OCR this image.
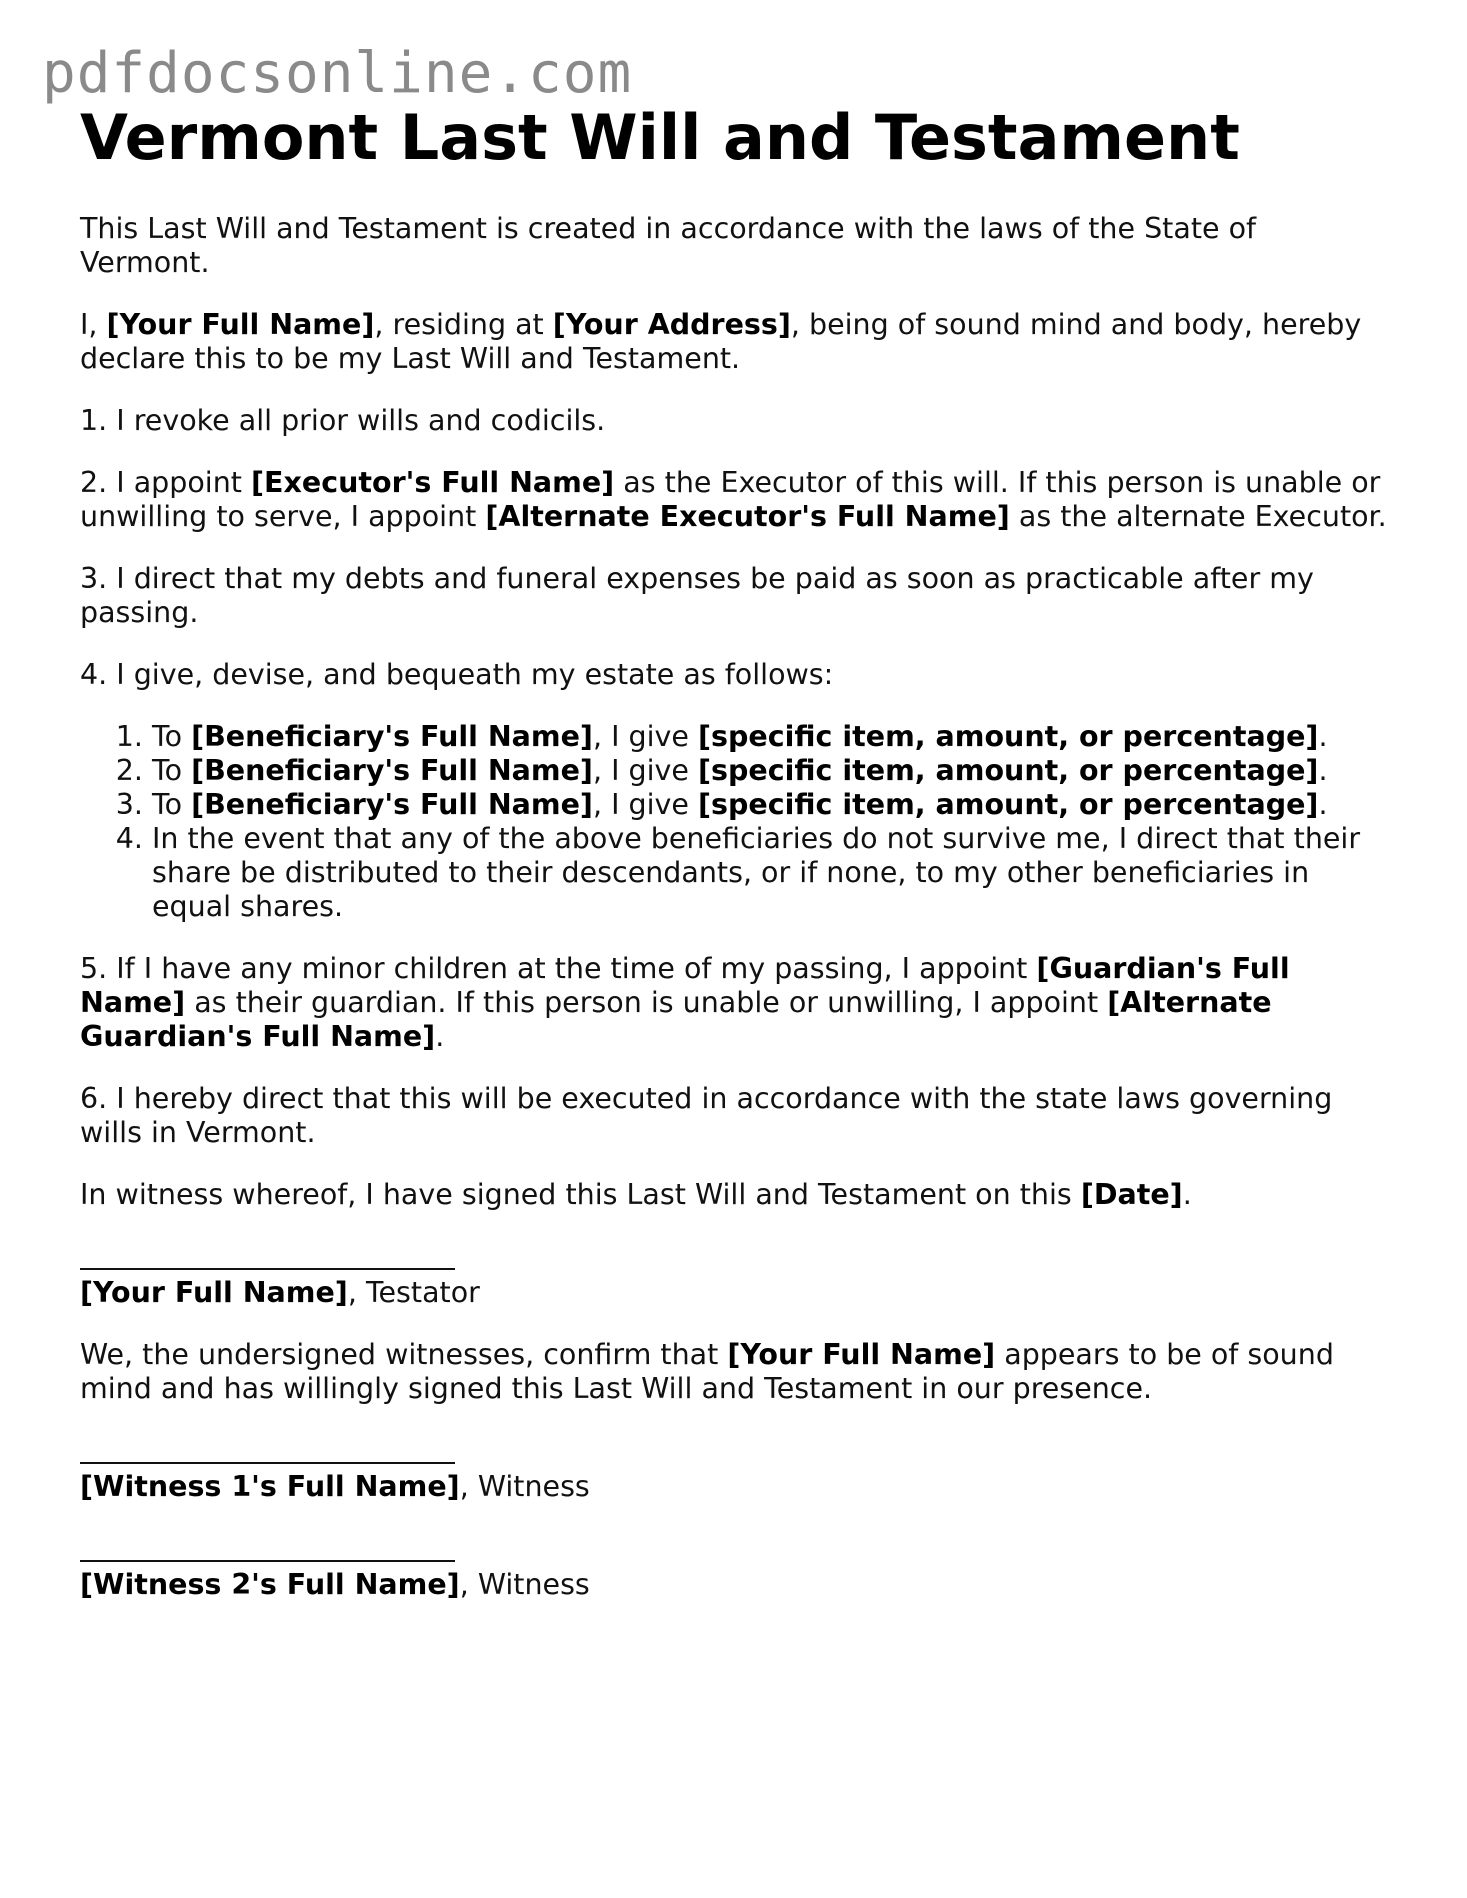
pdfdocsonline.com
Vermont Last Will and Testament

This Last Will and Testament is created in accordance with the laws of the State of Vermont.

I, [Your Full Name], residing at [Your Address], being of sound mind and body, hereby declare this to be my Last Will and Testament.

1. I revoke all prior wills and codicils.

2. I appoint [Executor's Full Name] as the Executor of this will. If this person is unable or unwilling to serve, I appoint [Alternate Executor's Full Name] as the alternate Executor.

3. I direct that my debts and funeral expenses be paid as soon as practicable after my passing.

4. I give, devise, and bequeath my estate as follows:

1. To [Beneficiary's Full Name], I give [specific item, amount, or percentage].
2. To [Beneficiary's Full Name], I give [specific item, amount, or percentage].
3. To [Beneficiary's Full Name], I give [specific item, amount, or percentage].
4. In the event that any of the above beneficiaries do not survive me, I direct that their share be distributed to their descendants, or if none, to my other beneficiaries in equal shares.

5. If I have any minor children at the time of my passing, I appoint [Guardian's Full Name] as their guardian. If this person is unable or unwilling, I appoint [Alternate Guardian's Full Name].

6. I hereby direct that this will be executed in accordance with the state laws governing wills in Vermont.

In witness whereof, I have signed this Last Will and Testament on this [Date].

[Your Full Name], Testator

We, the undersigned witnesses, confirm that [Your Full Name] appears to be of sound mind and has willingly signed this Last Will and Testament in our presence.

[Witness 1's Full Name], Witness
[Witness 2's Full Name], Witness
